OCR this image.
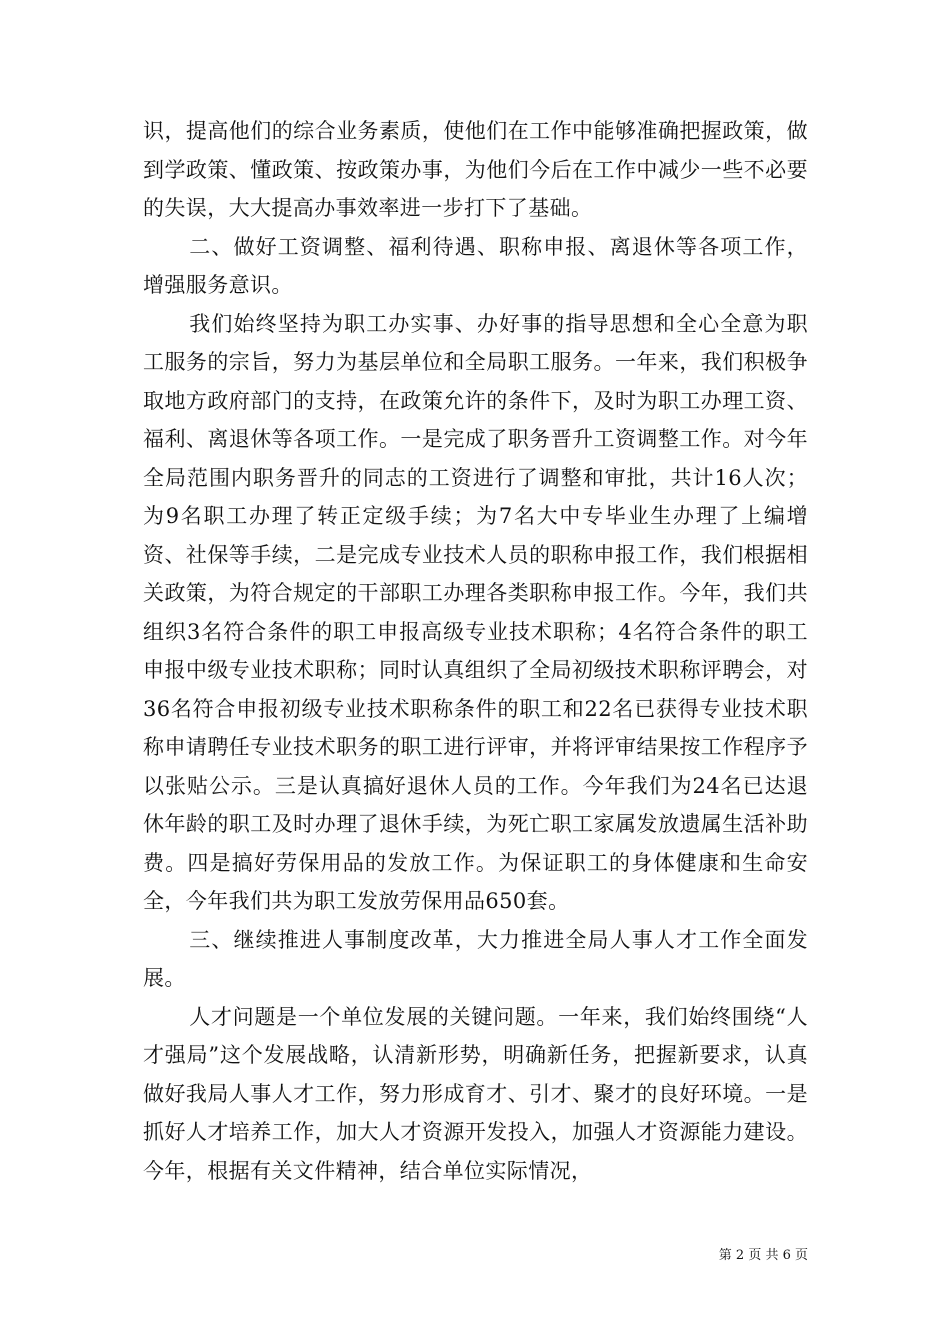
识，提高他们的综合业务素质，使他们在工作中能够准确把握政策，做到学政策、懂政策、按政策办事，为他们今后在工作中减少一些不必要的失误，大大提高办事效率进一步打下了基础。

二、做好工资调整、福利待遇、职称申报、离退休等各项工作，增强服务意识。

我们始终坚持为职工办实事、办好事的指导思想和全心全意为职工服务的宗旨，努力为基层单位和全局职工服务。一年来，我们积极争取地方政府部门的支持，在政策允许的条件下，及时为职工办理工资、福利、离退休等各项工作。一是完成了职务晋升工资调整工作。对今年全局范围内职务晋升的同志的工资进行了调整和审批，共计16人次；为9名职工办理了转正定级手续；为7名大中专毕业生办理了上编增资、社保等手续，二是完成专业技术人员的职称申报工作，我们根据相关政策，为符合规定的干部职工办理各类职称申报工作。今年，我们共组织3名符合条件的职工申报高级专业技术职称；4名符合条件的职工申报中级专业技术职称；同时认真组织了全局初级技术职称评聘会，对36名符合申报初级专业技术职称条件的职工和22名已获得专业技术职称申请聘任专业技术职务的职工进行评审，并将评审结果按工作程序予以张贴公示。三是认真搞好退休人员的工作。今年我们为24名已达退休年龄的职工及时办理了退休手续，为死亡职工家属发放遗属生活补助费。四是搞好劳保用品的发放工作。为保证职工的身体健康和生命安全，今年我们共为职工发放劳保用品650套。

三、继续推进人事制度改革，大力推进全局人事人才工作全面发展。

人才问题是一个单位发展的关键问题。一年来，我们始终围绕“人才强局”这个发展战略，认清新形势，明确新任务，把握新要求，认真做好我局人事人才工作，努力形成育才、引才、聚才的良好环境。一是抓好人才培养工作，加大人才资源开发投入，加强人才资源能力建设。今年，根据有关文件精神，结合单位实际情况，

第 2 页 共 6 页
